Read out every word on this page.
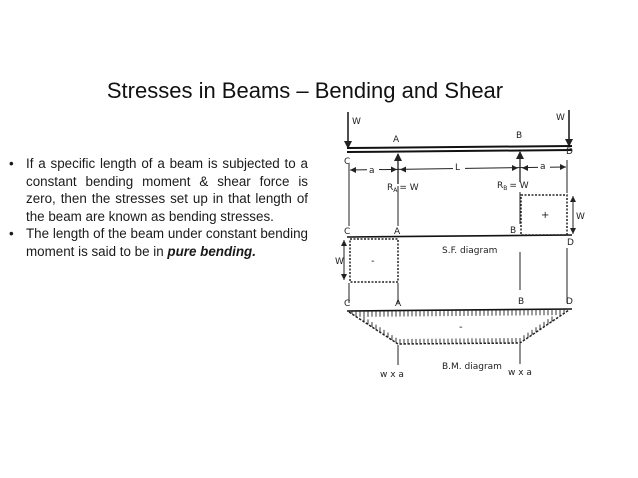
Stresses in Beams – Bending and Shear
• If a specific length of a beam is subjected to a constant bending moment & shear force is zero, then the stresses set up in that length of the beam are known as bending stresses.
• The length of the beam under constant bending moment is said to be in pure bending.
W	W
A	B
C
D
a	L	a
$R_A = W$	$R_B = W$
+
-
S.F. diagram
C	A	B
D
W
W
-
B.M. diagram
C	A	B	D
w x a	w x a
